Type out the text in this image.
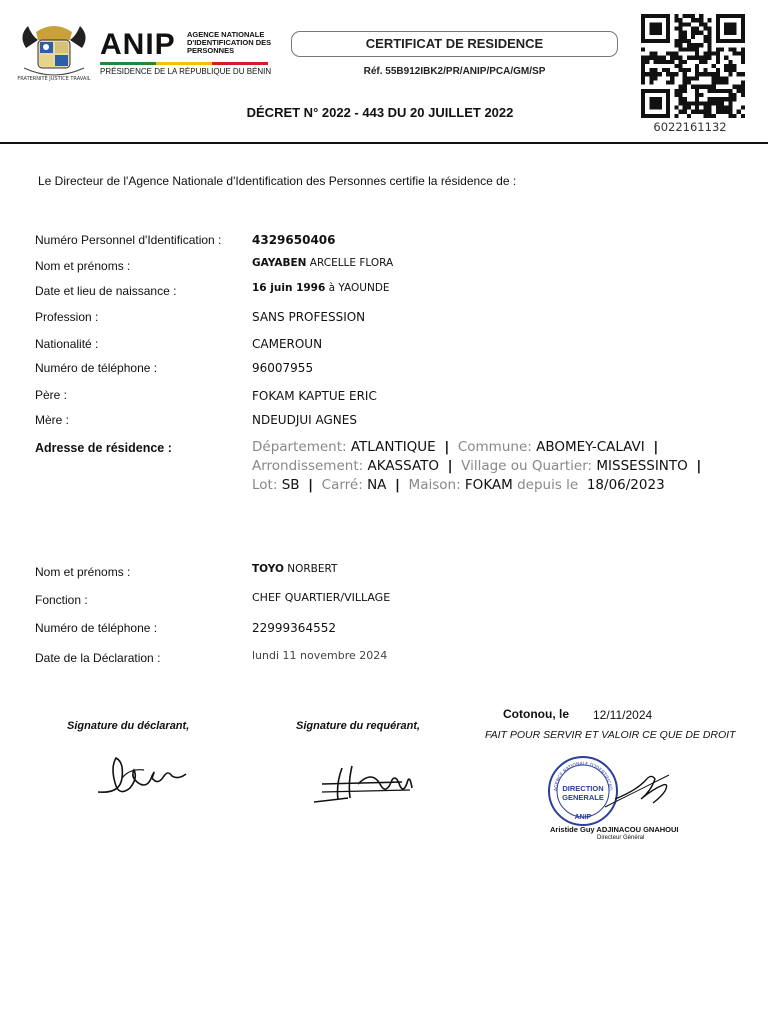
FRATERNITÉ JUSTICE TRAVAIL
ANIP AGENCE NATIONALE
D'IDENTIFICATION DES
PERSONNES
PRÉSIDENCE DE LA RÉPUBLIQUE DU BÉNIN
CERTIFICAT DE RESIDENCE
Réf. 55B912IBK2/PR/ANIP/PCA/GM/SP
DÉCRET N° 2022 - 443 DU 20 JUILLET 2022
6022161132
Le Directeur de l'Agence Nationale d'Identification des Personnes certifie la résidence de :
Numéro Personnel d'Identification :	4329650406
Nom et prénoms :	GAYABEN ARCELLE FLORA
Date et lieu de naissance :	16 juin 1996 à YAOUNDE
Profession :	SANS PROFESSION
Nationalité :	CAMEROUN
Numéro de téléphone :	96007955
Père :	FOKAM KAPTUE ERIC
Mère :	NDEUDJUI AGNES
Adresse de résidence :	Département: ATLANTIQUE | Commune: ABOMEY-CALAVI |
Arrondissement: AKASSATO | Village ou Quartier: MISSESSINTO |
Lot: SB | Carré: NA | Maison: FOKAM depuis le 18/06/2023
Nom et prénoms :	TOYO NORBERT
Fonction :	CHEF QUARTIER/VILLAGE
Numéro de téléphone :	22999364552
Date de la Déclaration :	lundi 11 novembre 2024
Signature du déclarant,	Signature du requérant,
Cotonou, le 12/11/2024
FAIT POUR SERVIR ET VALOIR CE QUE DE DROIT
AGENCE NATIONALE D'IDENTIFICATI
DIRECTION
GENERALE
ANIP
Aristide Guy ADJINACOU GNAHOUI
Directeur Général
